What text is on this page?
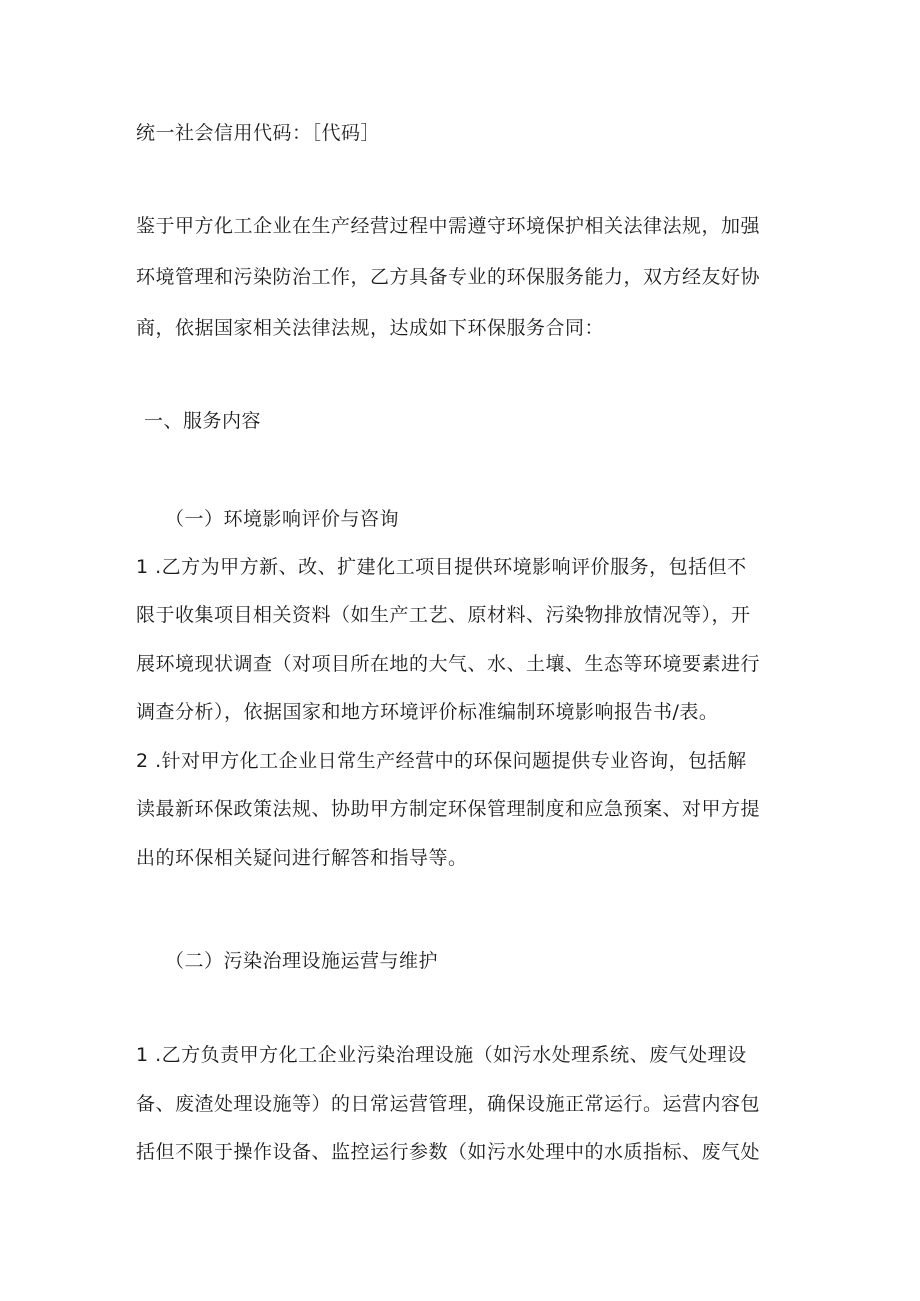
统一社会信用代码：［代码］
鉴于甲方化工企业在生产经营过程中需遵守环境保护相关法律法规，加强
环境管理和污染防治工作，乙方具备专业的环保服务能力，双方经友好协
商，依据国家相关法律法规，达成如下环保服务合同：
一、服务内容
（一）环境影响评价与咨询
1 .乙方为甲方新、改、扩建化工项目提供环境影响评价服务，包括但不
限于收集项目相关资料（如生产工艺、原材料、污染物排放情况等），开
展环境现状调查（对项目所在地的大气、水、土壤、生态等环境要素进行
调查分析），依据国家和地方环境评价标准编制环境影响报告书/表。
2 .针对甲方化工企业日常生产经营中的环保问题提供专业咨询，包括解
读最新环保政策法规、协助甲方制定环保管理制度和应急预案、对甲方提
出的环保相关疑问进行解答和指导等。
（二）污染治理设施运营与维护
1 .乙方负责甲方化工企业污染治理设施（如污水处理系统、废气处理设
备、废渣处理设施等）的日常运营管理，确保设施正常运行。运营内容包
括但不限于操作设备、监控运行参数（如污水处理中的水质指标、废气处
